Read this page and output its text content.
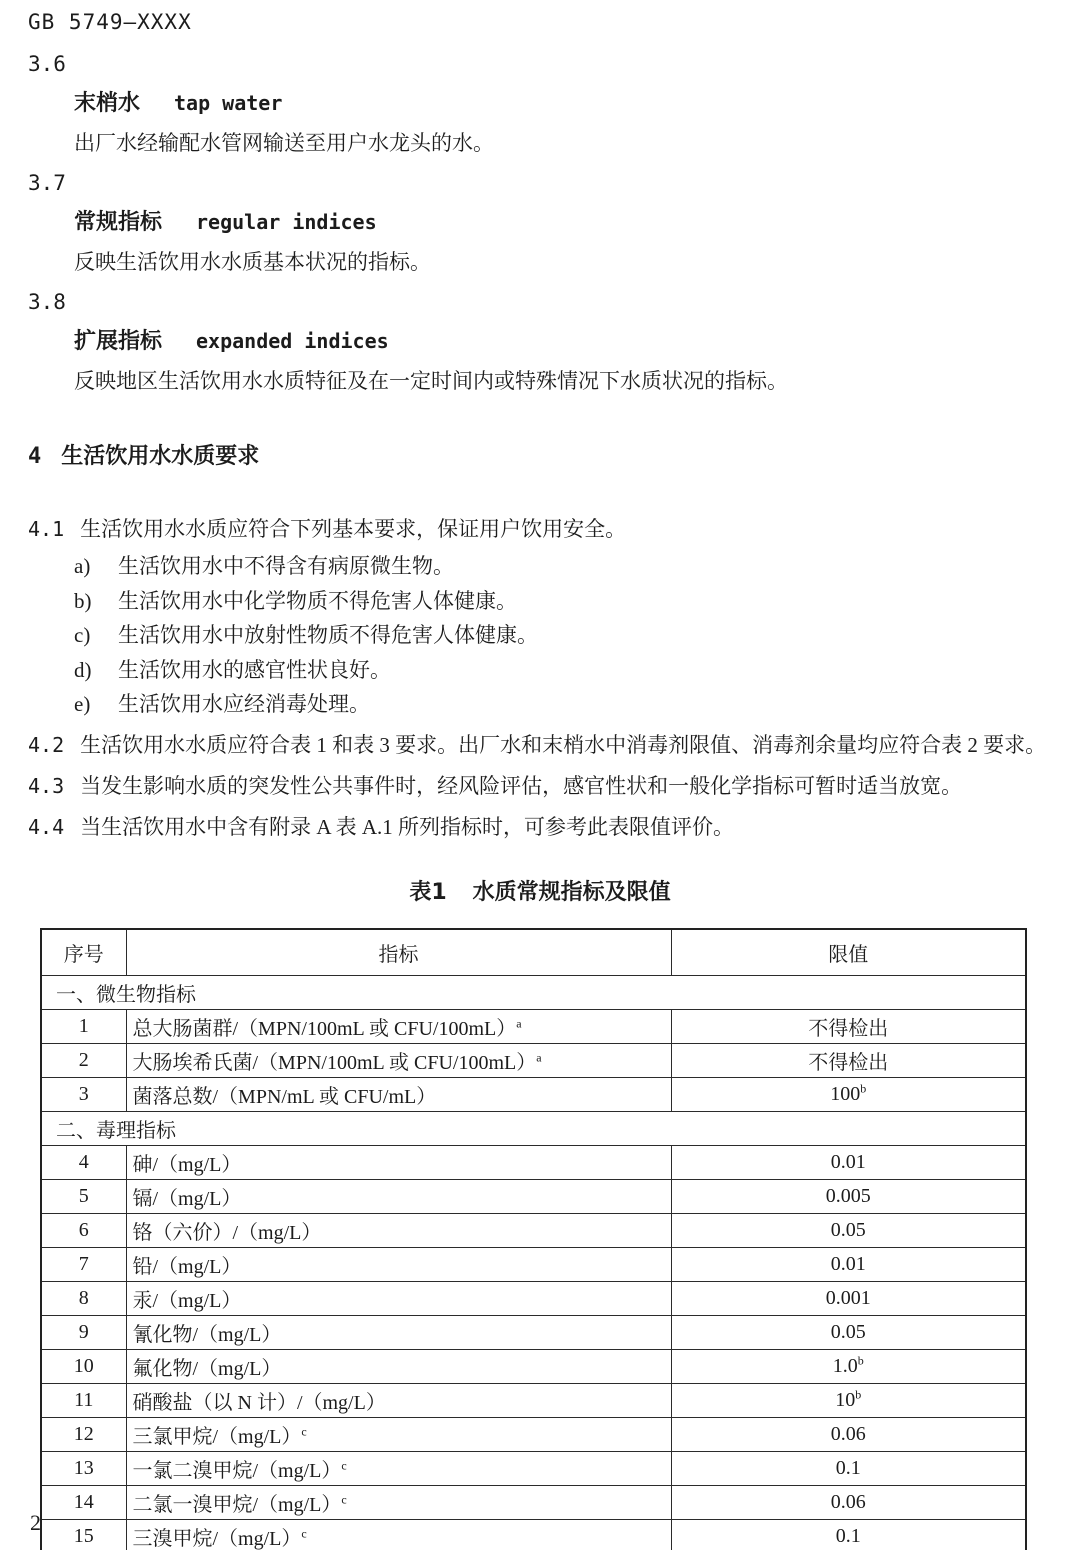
GB 5749—XXXX
3.6
末梢水 tap water
出厂水经输配水管网输送至用户水龙头的水。
3.7
常规指标 regular indices
反映生活饮用水水质基本状况的指标。
3.8
扩展指标 expanded indices
反映地区生活饮用水水质特征及在一定时间内或特殊情况下水质状况的指标。
4 生活饮用水水质要求

4.1 生活饮用水水质应符合下列基本要求，保证用户饮用安全。

a) 生活饮用水中不得含有病原微生物。
b) 生活饮用水中化学物质不得危害人体健康。
c) 生活饮用水中放射性物质不得危害人体健康。
d) 生活饮用水的感官性状良好。
e) 生活饮用水应经消毒处理。

4.2 生活饮用水水质应符合表 1 和表 3 要求。出厂水和末梢水中消毒剂限值、消毒剂余量均应符合表 2 要求。

4.3 当发生影响水质的突发性公共事件时，经风险评估，感官性状和一般化学指标可暂时适当放宽。

4.4 当生活饮用水中含有附录 A 表 A.1 所列指标时，可参考此表限值评价。

表1 水质常规指标及限值
序号	指标	限值
一、微生物指标		
1	总大肠菌群/（MPN/100mL 或 CFU/100mL）$^a$	不得检出
2	大肠埃希氏菌/（MPN/100mL 或 CFU/100mL）$^a$	不得检出
3	菌落总数/（MPN/mL 或 CFU/mL）	100$^b$
二、毒理指标		
4	砷/（mg/L）	0.01
5	镉/（mg/L）	0.005
6	铬（六价）/（mg/L）	0.05
7	铅/（mg/L）	0.01
8	汞/（mg/L）	0.001
9	氰化物/（mg/L）	0.05
10	氟化物/（mg/L）	1.0$^b$
11	硝酸盐（以 N 计）/（mg/L）	10$^b$
12	三氯甲烷$/(mg/L)^c$	0.06
13	一氯二溴甲烷$/(mg/L)^c$	0.1
14	二氯一溴甲烷$/(mg/L)^c$	0.06
15	三溴甲烷$/(mg/L)^c$	0.1
2
